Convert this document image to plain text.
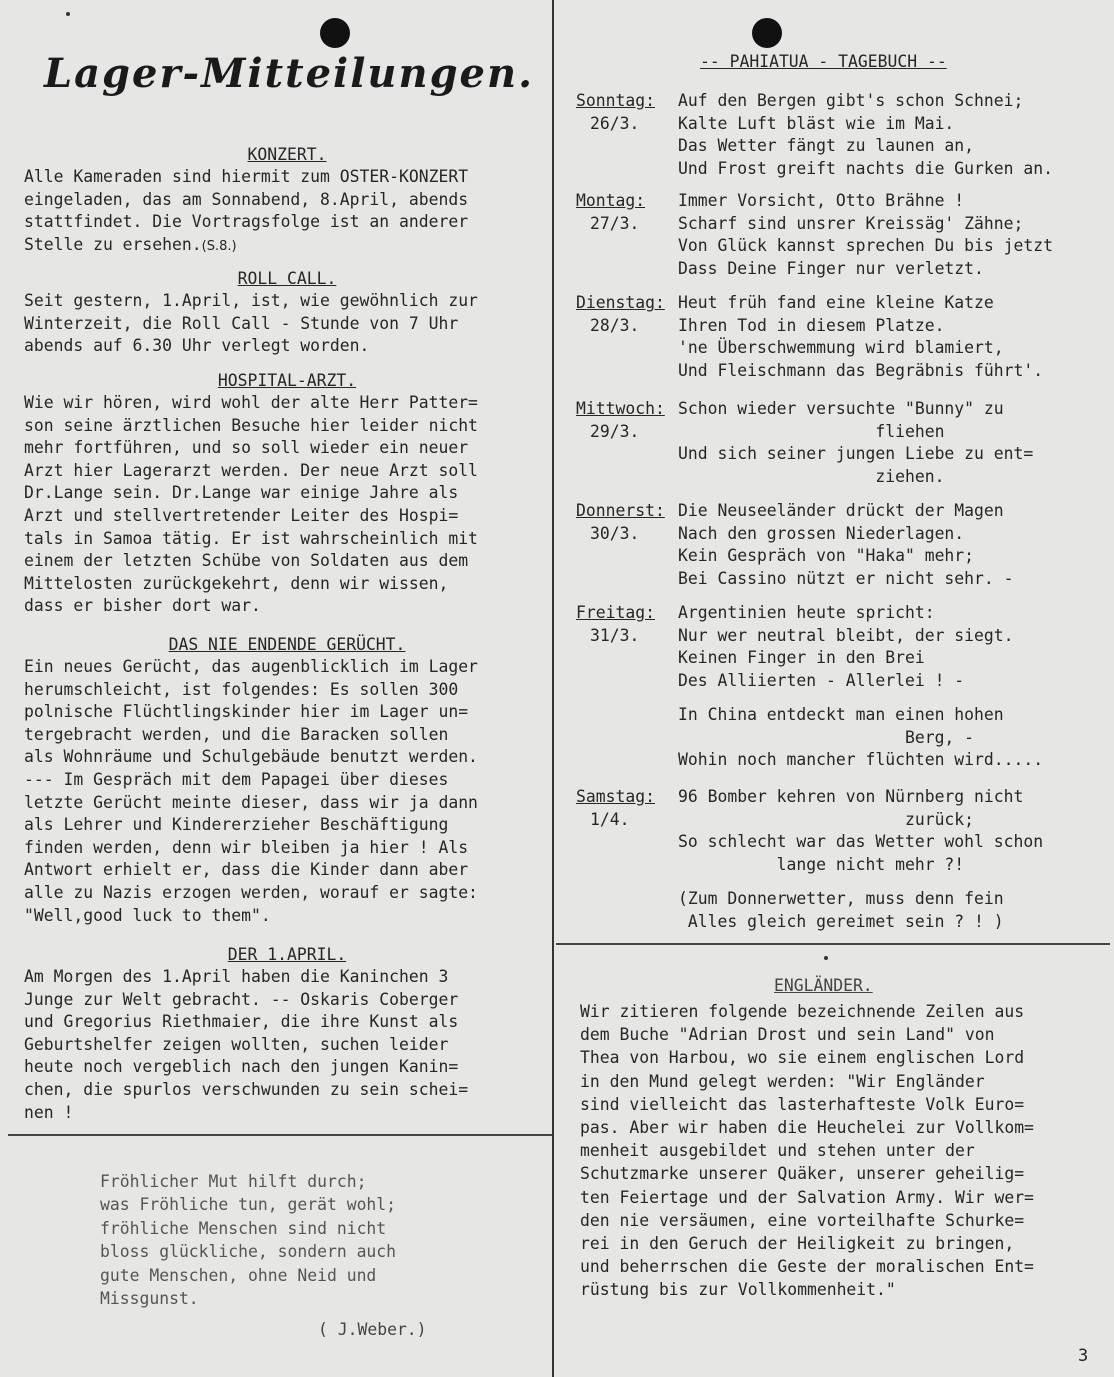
Lager-Mitteilungen.

KONZERT.

Alle Kameraden sind hiermit zum OSTER-KONZERT
eingeladen, das am Sonnabend, 8.April, abends
stattfindet. Die Vortragsfolge ist an anderer
Stelle zu ersehen.(S.8.)

ROLL CALL.

Seit gestern, 1.April, ist, wie gewöhnlich zur
Winterzeit, die Roll Call - Stunde von 7 Uhr
abends auf 6.30 Uhr verlegt worden.

HOSPITAL-ARZT.

Wie wir hören, wird wohl der alte Herr Patter=
son seine ärztlichen Besuche hier leider nicht
mehr fortführen, und so soll wieder ein neuer
Arzt hier Lagerarzt werden. Der neue Arzt soll
Dr.Lange sein. Dr.Lange war einige Jahre als
Arzt und stellvertretender Leiter des Hospi=
tals in Samoa tätig. Er ist wahrscheinlich mit
einem der letzten Schübe von Soldaten aus dem
Mittelosten zurückgekehrt, denn wir wissen,
dass er bisher dort war.

DAS NIE ENDENDE GERÜCHT.

Ein neues Gerücht, das augenblicklich im Lager
herumschleicht, ist folgendes: Es sollen 300
polnische Flüchtlingskinder hier im Lager un=
tergebracht werden, und die Baracken sollen
als Wohnräume und Schulgebäude benutzt werden.
--- Im Gespräch mit dem Papagei über dieses
letzte Gerücht meinte dieser, dass wir ja dann
als Lehrer und Kindererzieher Beschäftigung
finden werden, denn wir bleiben ja hier ! Als
Antwort erhielt er, dass die Kinder dann aber
alle zu Nazis erzogen werden, worauf er sagte:
"Well,good luck to them".

DER 1.APRIL.

Am Morgen des 1.April haben die Kaninchen 3
Junge zur Welt gebracht. -- Oskaris Coberger
und Gregorius Riethmaier, die ihre Kunst als
Geburtshelfer zeigen wollten, suchen leider
heute noch vergeblich nach den jungen Kanin=
chen, die spurlos verschwunden zu sein schei=
nen !
Fröhlicher Mut hilft durch;
was Fröhliche tun, gerät wohl;
fröhliche Menschen sind nicht
bloss glückliche, sondern auch
gute Menschen, ohne Neid und
Missgunst.
( J.Weber.)
-- PAHIATUA - TAGEBUCH --
Sonntag:
26/3.
Auf den Bergen gibt's schon Schnei;
Kalte Luft bläst wie im Mai.
Das Wetter fängt zu launen an,
Und Frost greift nachts die Gurken an.
Montag:
27/3.
Immer Vorsicht, Otto Brähne !
Scharf sind unsrer Kreissäg' Zähne;
Von Glück kannst sprechen Du bis jetzt
Dass Deine Finger nur verletzt.
Dienstag:
28/3.
Heut früh fand eine kleine Katze
Ihren Tod in diesem Platze.
'ne Überschwemmung wird blamiert,
Und Fleischmann das Begräbnis führt'.
Mittwoch:
29/3.
Schon wieder versuchte "Bunny" zu
fliehen
Und sich seiner jungen Liebe zu ent=
ziehen.
Donnerst:
30/3.
Die Neuseeländer drückt der Magen
Nach den grossen Niederlagen.
Kein Gespräch von "Haka" mehr;
Bei Cassino nützt er nicht sehr. -
Freitag:
31/3.
Argentinien heute spricht:
Nur wer neutral bleibt, der siegt.
Keinen Finger in den Brei
Des Alliierten - Allerlei ! -
Samstag:
1/4.
96 Bomber kehren von Nürnberg nicht
zurück;
So schlecht war das Wetter wohl schon
lange nicht mehr ?!
In China entdeckt man einen hohen
Berg, -
Wohin noch mancher flüchten wird.....
(Zum Donnerwetter, muss denn fein
Alles gleich gereimet sein ? ! )
ENGLÄNDER.
Wir zitieren folgende bezeichnende Zeilen aus
dem Buche "Adrian Drost und sein Land" von
Thea von Harbou, wo sie einem englischen Lord
in den Mund gelegt werden: "Wir Engländer
sind vielleicht das lasterhafteste Volk Euro=
pas. Aber wir haben die Heuchelei zur Vollkom=
menheit ausgebildet und stehen unter der
Schutzmarke unserer Quäker, unserer geheilig=
ten Feiertage und der Salvation Army. Wir wer=
den nie versäumen, eine vorteilhafte Schurke=
rei in den Geruch der Heiligkeit zu bringen,
und beherrschen die Geste der moralischen Ent=
rüstung bis zur Vollkommenheit."
3
